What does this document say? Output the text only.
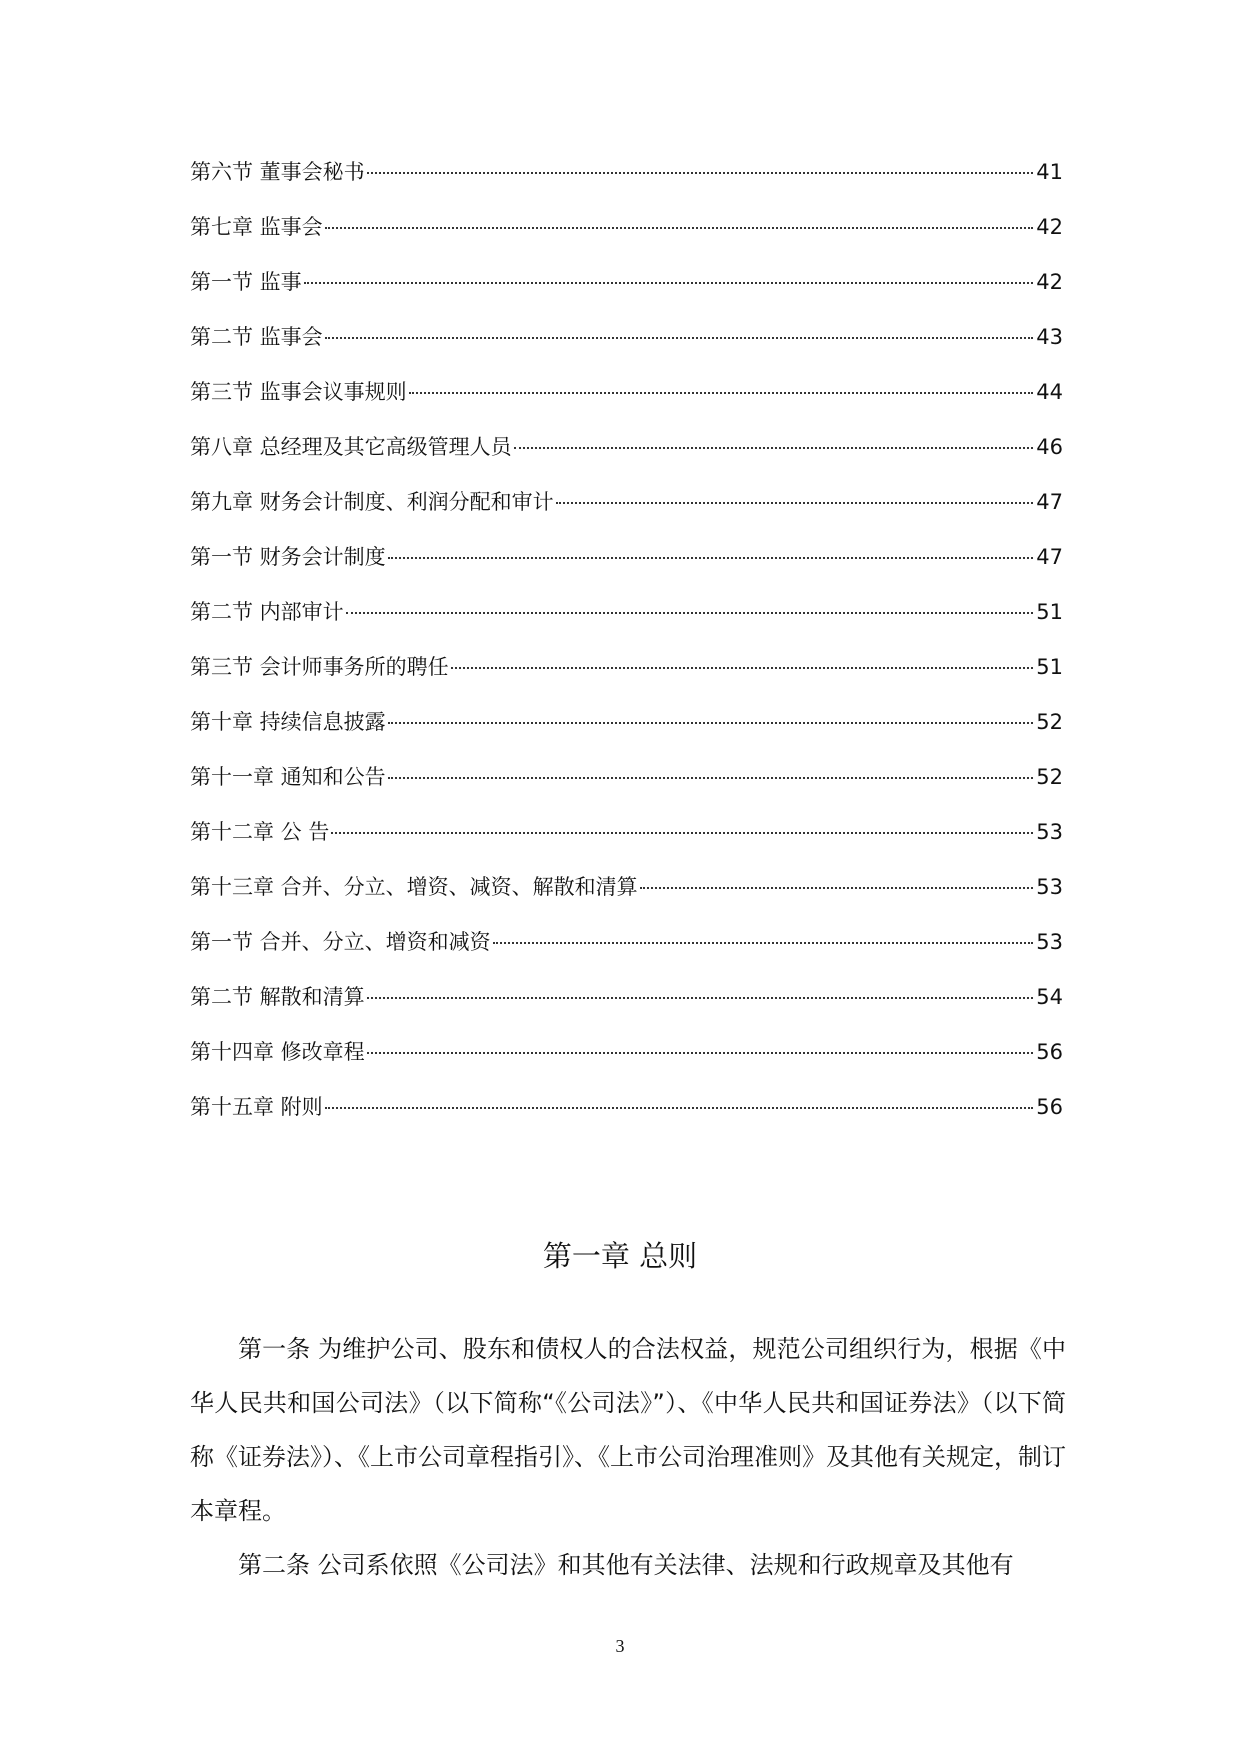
第六节 董事会秘书	41
第七章 监事会	42
第一节 监事	42
第二节 监事会	43
第三节 监事会议事规则	44
第八章 总经理及其它高级管理人员	46
第九章 财务会计制度、利润分配和审计	47
第一节 财务会计制度	47
第二节 内部审计	51
第三节 会计师事务所的聘任	51
第十章 持续信息披露	52
第十一章 通知和公告	52
第十二章 公 告	53
第十三章 合并、分立、增资、减资、解散和清算	53
第一节 合并、分立、增资和减资	53
第二节 解散和清算	54
第十四章 修改章程	56
第十五章 附则	56
第一章 总则

第一条 为维护公司、股东和债权人的合法权益，规范公司组织行为，根据《中华人民共和国公司法》（以下简称“《公司法》”）、《中华人民共和国证券法》（以下简称《证券法》）、《上市公司章程指引》、《上市公司治理准则》及其他有关规定，制订本章程。

第二条 公司系依照《公司法》和其他有关法律、法规和行政规章及其他有

3
